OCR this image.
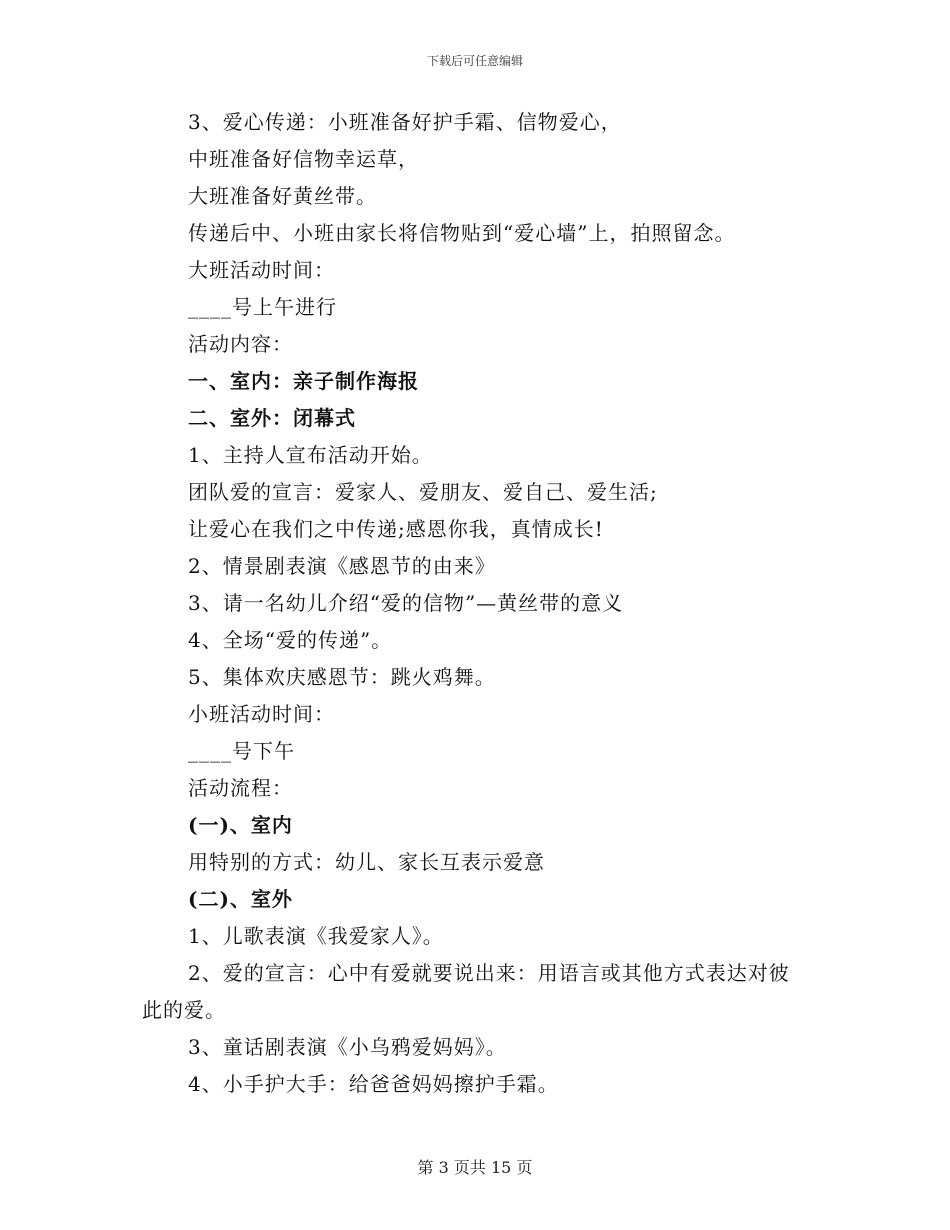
下载后可任意编辑
3、爱心传递：小班准备好护手霜、信物爱心，
中班准备好信物幸运草，
大班准备好黄丝带。
传递后中、小班由家长将信物贴到“爱心墙”上，拍照留念。
大班活动时间：
____号上午进行
活动内容：
一、室内：亲子制作海报
二、室外：闭幕式
1、主持人宣布活动开始。
团队爱的宣言：爱家人、爱朋友、爱自己、爱生活;
让爱心在我们之中传递;感恩你我，真情成长!
2、情景剧表演《感恩节的由来》
3、请一名幼儿介绍“爱的信物”—黄丝带的意义
4、全场“爱的传递”。
5、集体欢庆感恩节：跳火鸡舞。
小班活动时间：
____号下午
活动流程：
(一)、室内
用特别的方式：幼儿、家长互表示爱意
(二)、室外
1、儿歌表演《我爱家人》。
2、爱的宣言：心中有爱就要说出来：用语言或其他方式表达对彼
此的爱。
3、童话剧表演《小乌鸦爱妈妈》。
4、小手护大手：给爸爸妈妈擦护手霜。
第 3 页共 15 页
